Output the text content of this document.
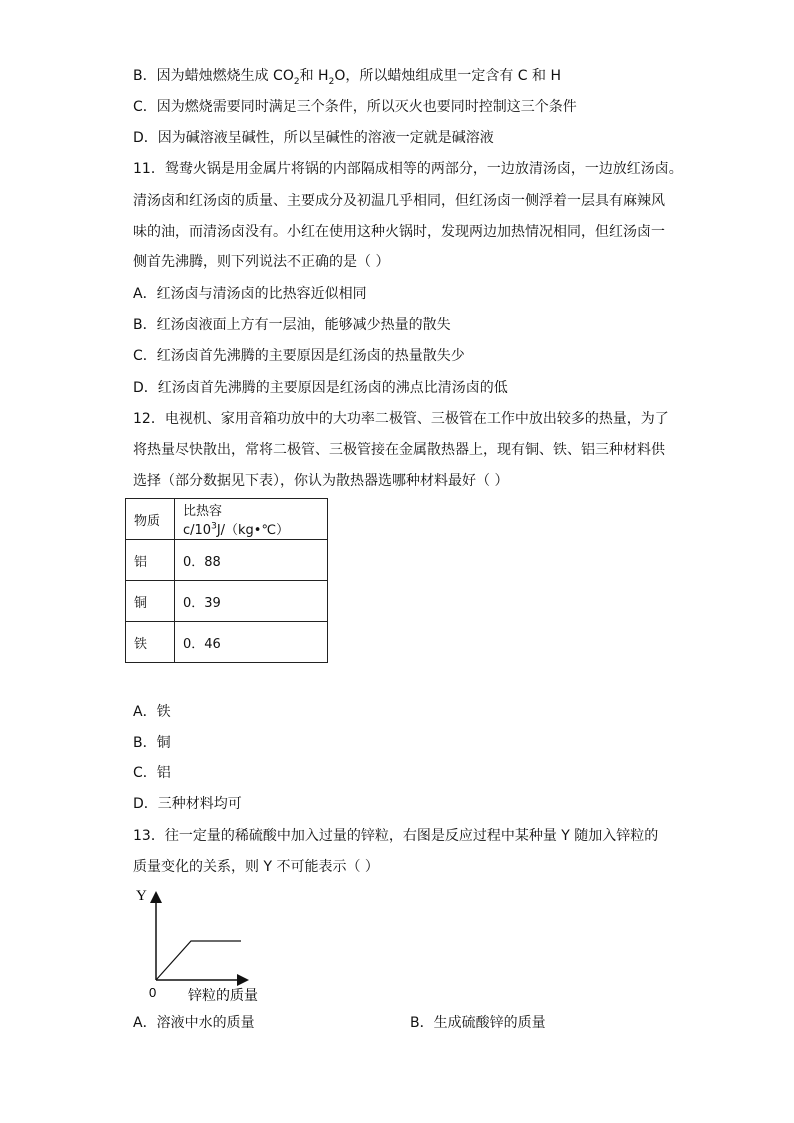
B．因为蜡烛燃烧生成 $CO_2$和 $H_2O$，所以蜡烛组成里一定含有 C 和 H
C．因为燃烧需要同时满足三个条件，所以灭火也要同时控制这三个条件
D．因为碱溶液呈碱性，所以呈碱性的溶液一定就是碱溶液
11．鸳鸯火锅是用金属片将锅的内部隔成相等的两部分，一边放清汤卤，一边放红汤卤。
清汤卤和红汤卤的质量、主要成分及初温几乎相同，但红汤卤一侧浮着一层具有麻辣风
味的油，而清汤卤没有。小红在使用这种火锅时，发现两边加热情况相同，但红汤卤一
侧首先沸腾，则下列说法不正确的是（ ）
A．红汤卤与清汤卤的比热容近似相同
B．红汤卤液面上方有一层油，能够减少热量的散失
C．红汤卤首先沸腾的主要原因是红汤卤的热量散失少
D．红汤卤首先沸腾的主要原因是红汤卤的沸点比清汤卤的低
12．电视机、家用音箱功放中的大功率二极管、三极管在工作中放出较多的热量，为了
将热量尽快散出，常将二极管、三极管接在金属散热器上，现有铜、铁、铝三种材料供
选择（部分数据见下表），你认为散热器选哪种材料最好（ ）
物质	比热容 $c/10^3J/(kg•℃)$
铝	0．88
铜	0．39
铁	0．46
A．铁
B．铜
C．铝
D．三种材料均可
13．往一定量的稀硫酸中加入过量的锌粒，右图是反应过程中某种量 Y 随加入锌粒的
质量变化的关系，则 Y 不可能表示（ ）
Y
0 锌粒的质量
A．溶液中水的质量	B．生成硫酸锌的质量
